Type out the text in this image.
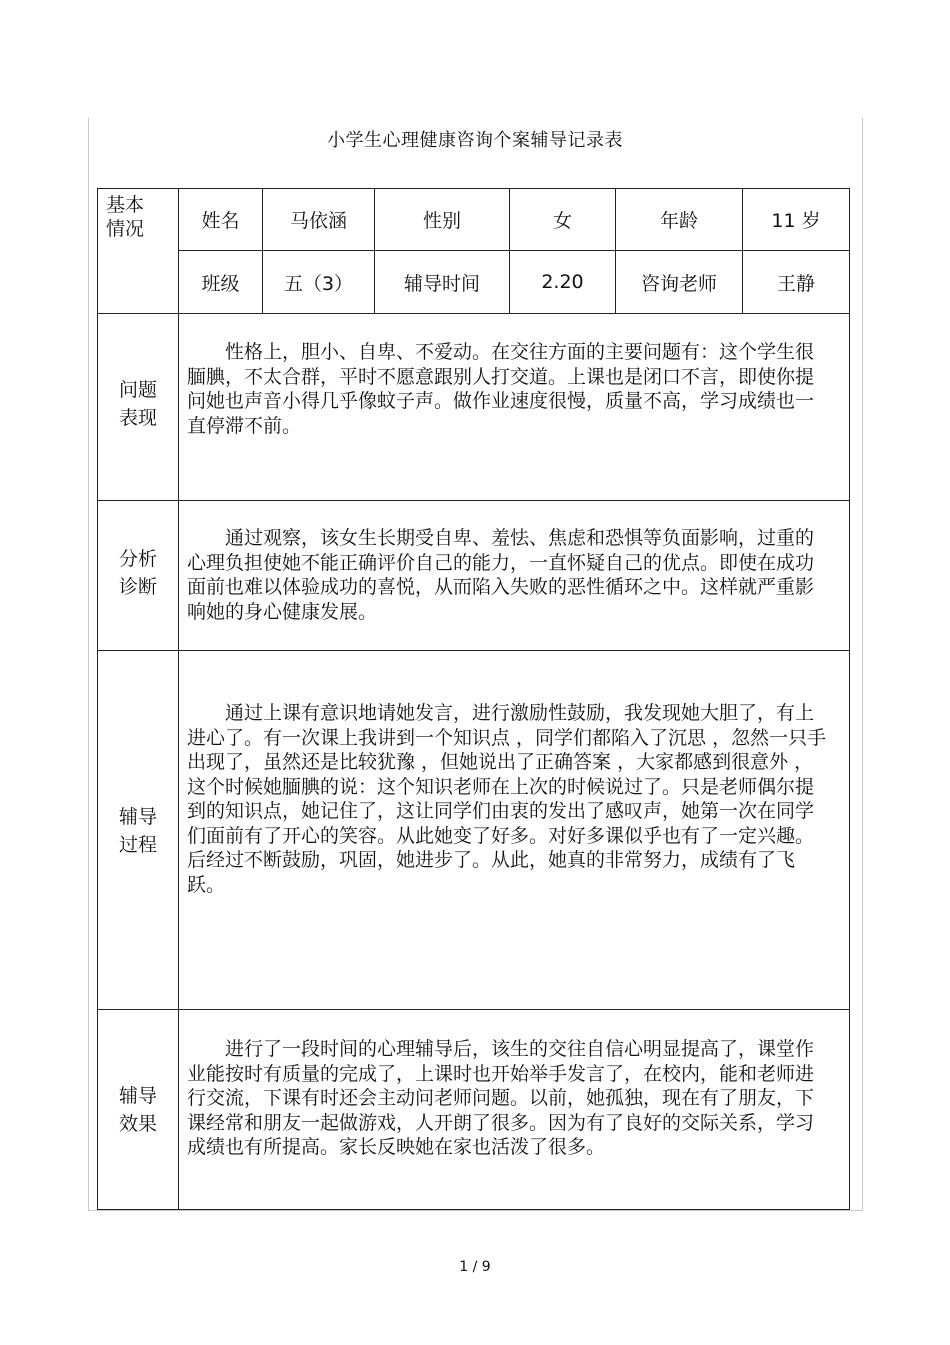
小学生心理健康咨询个案辅导记录表
基本
情况	姓名	马依涵	性别	女	年龄	11 岁
	班级	五（3）	辅导时间	2.20	咨询老师	王静
问题
表现	性格上，胆小、自卑、不爱动。在交往方面的主要问题有：这个学生很腼腆，不太合群，平时不愿意跟别人打交道。上课也是闭口不言，即使你提问她也声音小得几乎像蚊子声。做作业速度很慢，质量不高，学习成绩也一直停滞不前。					

分析
诊断	通过观察，该女生长期受自卑、羞怯、焦虑和恐惧等负面影响，过重的心理负担使她不能正确评价自己的能力，一直怀疑自己的优点。即使在成功面前也难以体验成功的喜悦，从而陷入失败的恶性循环之中。这样就严重影响她的身心健康发展。					

辅导
过程	通过上课有意识地请她发言，进行激励性鼓励，我发现她大胆了，有上进心了。有一次课上我讲到一个知识点 ，同学们都陷入了沉思 ，忽然一只手出现了，虽然还是比较犹豫 ，但她说出了正确答案 ，大家都感到很意外 ，这个时候她腼腆的说：这个知识老师在上次的时候说过了。只是老师偶尔提到的知识点，她记住了，这让同学们由衷的发出了感叹声，她第一次在同学们面前有了开心的笑容。从此她变了好多。对好多课似乎也有了一定兴趣。后经过不断鼓励，巩固，她进步了。从此，她真的非常努力，成绩有了飞跃。					

辅导
效果	进行了一段时间的心理辅导后，该生的交往自信心明显提高了，课堂作业能按时有质量的完成了，上课时也开始举手发言了，在校内，能和老师进行交流，下课有时还会主动问老师问题。以前，她孤独，现在有了朋友，下课经常和朋友一起做游戏，人开朗了很多。因为有了良好的交际关系，学习成绩也有所提高。家长反映她在家也活泼了很多。					
1 / 9
